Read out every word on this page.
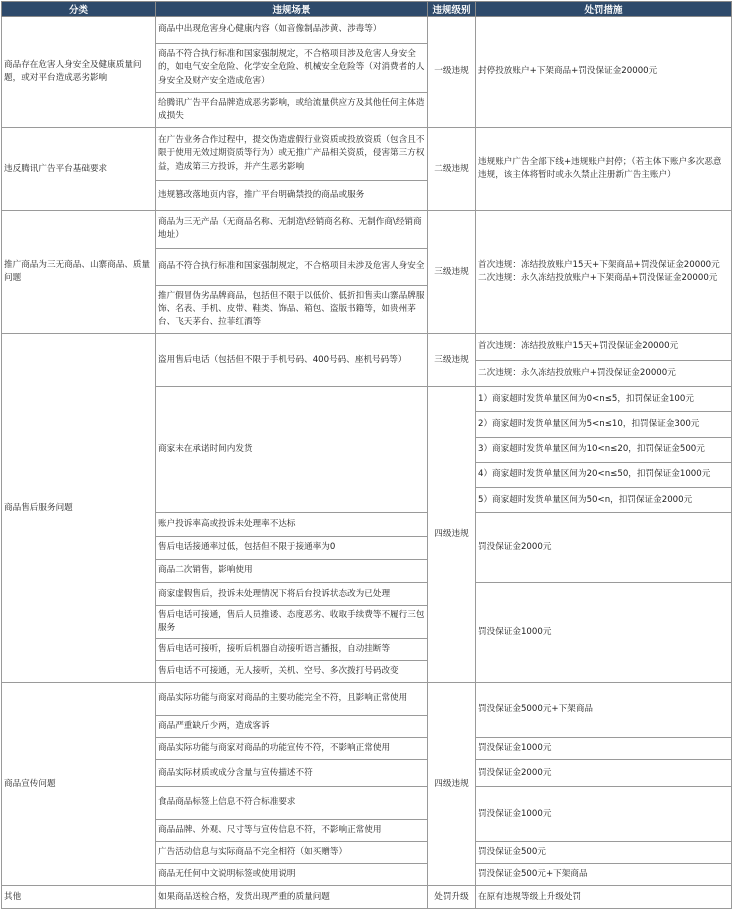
分类	违规场景	违规级别	处罚措施
商品存在危害人身安全及健康质量问题，或对平台造成恶劣影响	商品中出现危害身心健康内容（如音像制品涉黄、涉毒等）	一级违规	封停投放账户+下架商品+罚没保证金20000元
	商品不符合执行标准和国家强制规定，不合格项目涉及危害人身安全的，如电气安全危险、化学安全危险、机械安全危险等（对消费者的人身安全及财产安全造成危害）		
	给腾讯广告平台品牌造成恶劣影响，或给流量供应方及其他任何主体造成损失		
违反腾讯广告平台基础要求	在广告业务合作过程中，提交伪造虚假行业资质或投放资质（包含且不限于使用无效过期资质等行为）或无推广产品相关资质，侵害第三方权益，造成第三方投诉，并产生恶劣影响	二级违规	违规账户广告全部下线+违规账户封停；（若主体下账户多次恶意违规，该主体将暂时或永久禁止注册新广告主账户）
	违规篡改落地页内容，推广平台明确禁投的商品或服务		
推广商品为三无商品、山寨商品、质量问题	商品为三无产品（无商品名称、无制造\经销商名称、无制作商\经销商地址）	三级违规	首次违规：冻结投放账户15天+下架商品+罚没保证金20000元
二次违规：永久冻结投放账户+下架商品+罚没保证金20000元
	商品不符合执行标准和国家强制规定，不合格项目未涉及危害人身安全		
	推广假冒伪劣品牌商品，包括但不限于以低价、低折扣售卖山寨品牌服饰、名表、手机、皮带、鞋类、饰品、箱包、盗版书籍等，如贵州茅台、飞天茅台、拉菲红酒等		
商品售后服务问题	盗用售后电话（包括但不限于手机号码、400号码、座机号码等）	三级违规	首次违规：冻结投放账户15天+罚没保证金20000元
			二次违规：永久冻结投放账户+罚没保证金20000元
	商家未在承诺时间内发货	四级违规	1）商家超时发货单量区间为0<n≤5，扣罚保证金100元
			2）商家超时发货单量区间为5<n≤10，扣罚保证金300元
			3）商家超时发货单量区间为10<n≤20，扣罚保证金500元
			4）商家超时发货单量区间为20<n≤50，扣罚保证金1000元
			5）商家超时发货单量区间为50<n，扣罚保证金2000元
	账户投诉率高或投诉未处理率不达标		罚没保证金2000元
	售后电话接通率过低，包括但不限于接通率为0		
	商品二次销售，影响使用		
	商家虚假售后，投诉未处理情况下将后台投诉状态改为已处理		罚没保证金1000元
	售后电话可接通，售后人员推诿、态度恶劣、收取手续费等不履行三包服务		
	售后电话可接听，接听后机器自动接听语言播报，自动挂断等		
	售后电话不可接通，无人接听，关机、空号、多次拨打号码改变		
商品宣传问题	商品实际功能与商家对商品的主要功能完全不符，且影响正常使用	四级违规	罚没保证金5000元+下架商品
	商品严重缺斤少两，造成客诉		
	商品实际功能与商家对商品的功能宣传不符，不影响正常使用		罚没保证金1000元
	商品实际材质或成分含量与宣传描述不符		罚没保证金2000元
	食品商品标签上信息不符合标准要求		罚没保证金1000元
	商品品牌、外观、尺寸等与宣传信息不符，不影响正常使用		
	广告活动信息与实际商品不完全相符（如买赠等）		罚没保证金500元
	商品无任何中文说明标签或使用说明		罚没保证金500元+下架商品
其他	如果商品送检合格，发货出现严重的质量问题	处罚升级	在原有违规等级上升级处罚
